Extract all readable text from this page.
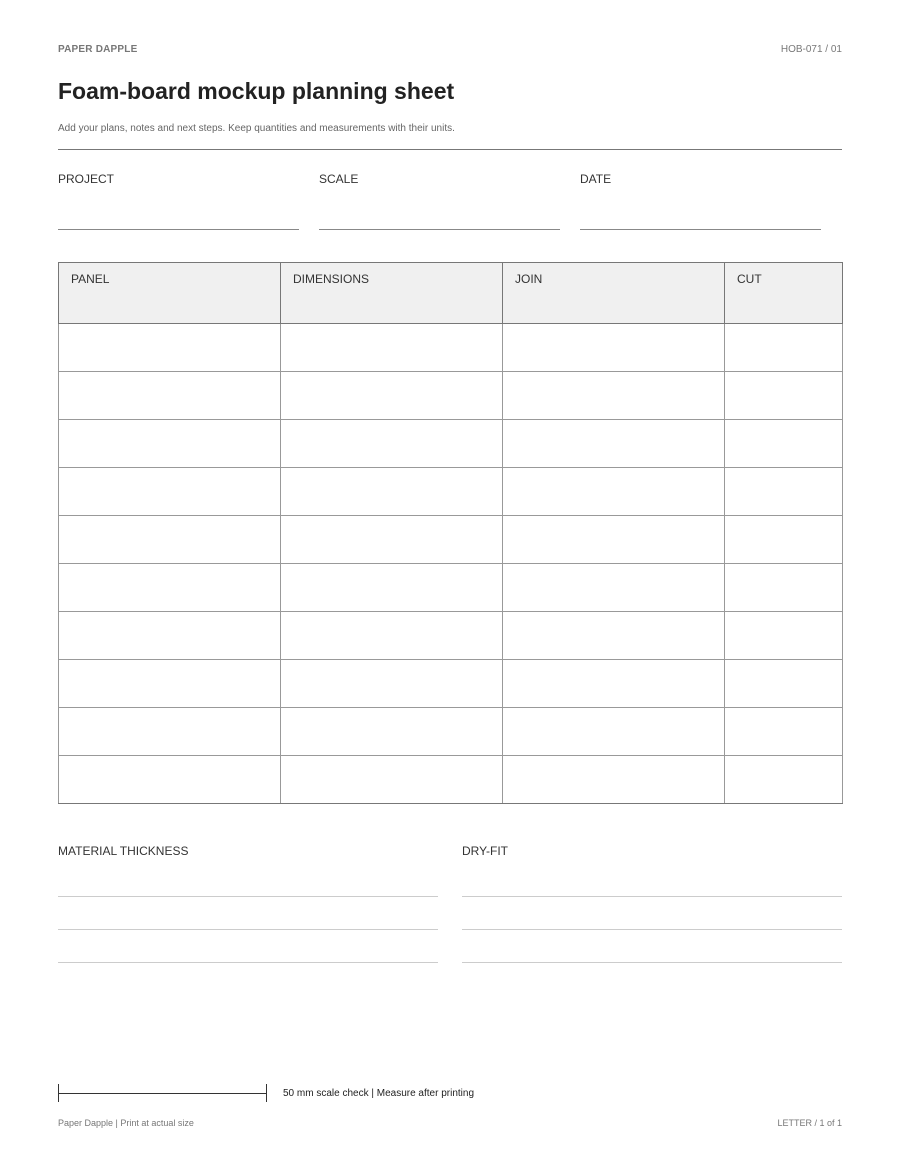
PAPER DAPPLE	HOB-071 / 01
Foam-board mockup planning sheet
Add your plans, notes and next steps. Keep quantities and measurements with their units.
PROJECT	SCALE	DATE
PANEL	DIMENSIONS	JOIN	CUT

MATERIAL THICKNESS	DRY-FIT
50 mm scale check | Measure after printing
Paper Dapple | Print at actual size	LETTER / 1 of 1
